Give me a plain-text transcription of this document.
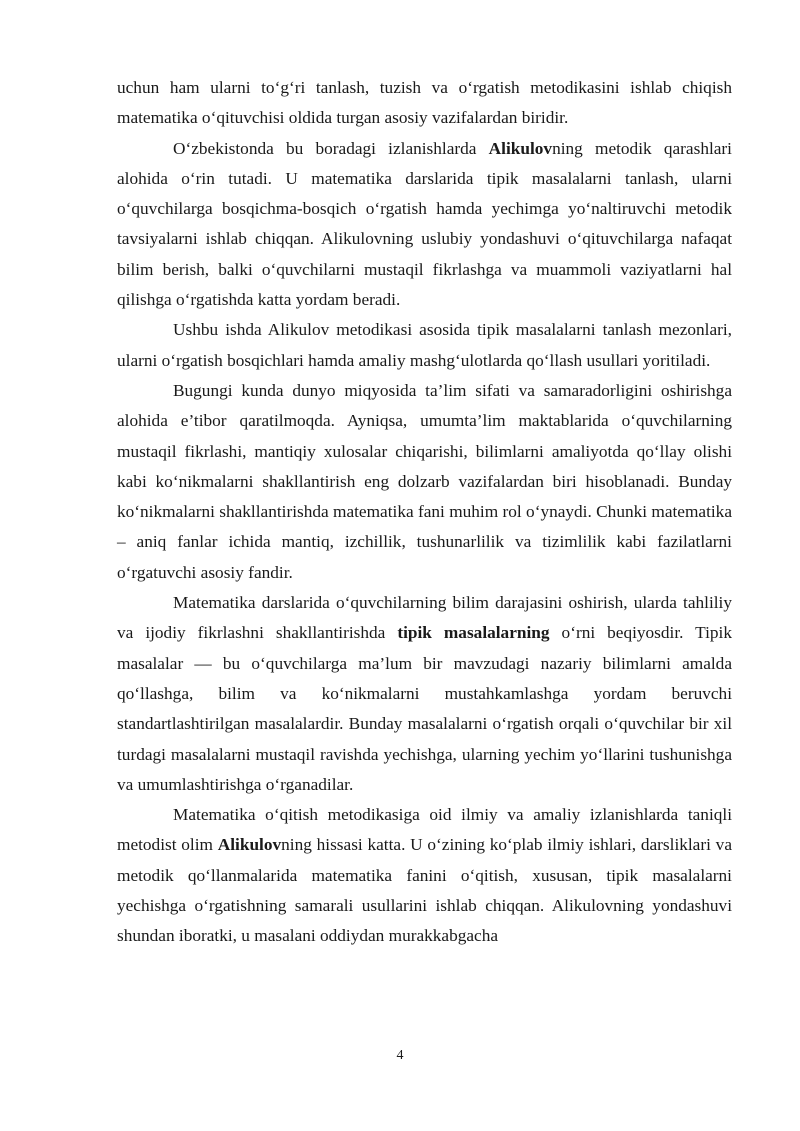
uchun ham ularni to‘g‘ri tanlash, tuzish va o‘rgatish metodikasini ishlab chiqish matematika o‘qituvchisi oldida turgan asosiy vazifalardan biridir.

O‘zbekistonda bu boradagi izlanishlarda Alikulovning metodik qarashlari alohida o‘rin tutadi. U matematika darslarida tipik masalalarni tanlash, ularni o‘quvchilarga bosqichma-bosqich o‘rgatish hamda yechimga yo‘naltiruvchi metodik tavsiyalarni ishlab chiqqan. Alikulovning uslubiy yondashuvi o‘qituvchilarga nafaqat bilim berish, balki o‘quvchilarni mustaqil fikrlashga va muammoli vaziyatlarni hal qilishga o‘rgatishda katta yordam beradi.

Ushbu ishda Alikulov metodikasi asosida tipik masalalarni tanlash mezonlari, ularni o‘rgatish bosqichlari hamda amaliy mashg‘ulotlarda qo‘llash usullari yoritiladi.

Bugungi kunda dunyo miqyosida ta’lim sifati va samaradorligini oshirishga alohida e’tibor qaratilmoqda. Ayniqsa, umumta’lim maktablarida o‘quvchilarning mustaqil fikrlashi, mantiqiy xulosalar chiqarishi, bilimlarni amaliyotda qo‘llay olishi kabi ko‘nikmalarni shakllantirish eng dolzarb vazifalardan biri hisoblanadi. Bunday ko‘nikmalarni shakllantirishda matematika fani muhim rol o‘ynaydi. Chunki matematika – aniq fanlar ichida mantiq, izchillik, tushunarlilik va tizimlilik kabi fazilatlarni o‘rgatuvchi asosiy fandir.

Matematika darslarida o‘quvchilarning bilim darajasini oshirish, ularda tahliliy va ijodiy fikrlashni shakllantirishda tipik masalalarning o‘rni beqiyosdir. Tipik masalalar — bu o‘quvchilarga ma’lum bir mavzudagi nazariy bilimlarni amalda qo‘llashga, bilim va ko‘nikmalarni mustahkamlashga yordam beruvchi standartlashtirilgan masalalardir. Bunday masalalarni o‘rgatish orqali o‘quvchilar bir xil turdagi masalalarni mustaqil ravishda yechishga, ularning yechim yo‘llarini tushunishga va umumlashtirishga o‘rganadilar.

Matematika o‘qitish metodikasiga oid ilmiy va amaliy izlanishlarda taniqli metodist olim Alikulovning hissasi katta. U o‘zining ko‘plab ilmiy ishlari, darsliklari va metodik qo‘llanmalarida matematika fanini o‘qitish, xususan, tipik masalalarni yechishga o‘rgatishning samarali usullarini ishlab chiqqan. Alikulovning yondashuvi shundan iboratki, u masalani oddiydan murakkabgacha

4
